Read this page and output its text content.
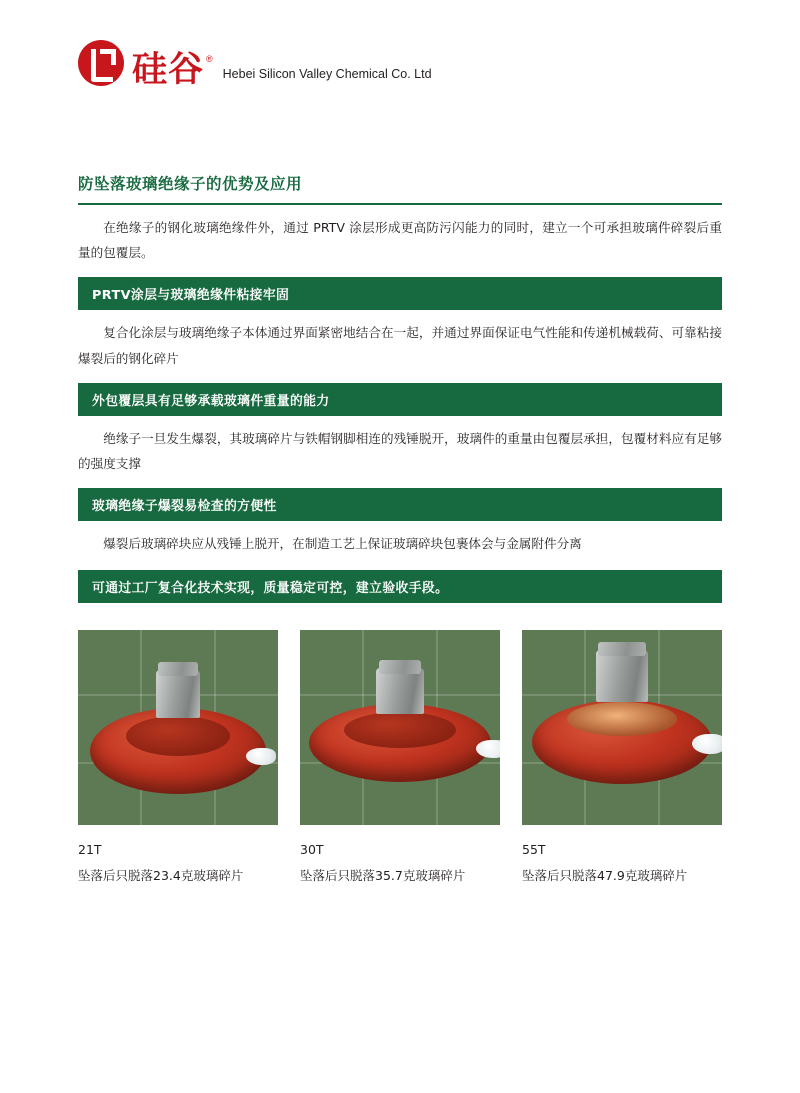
硅谷 ®
Hebei Silicon Valley Chemical Co. Ltd
防坠落玻璃绝缘子的优势及应用
在绝缘子的钢化玻璃绝缘件外，通过 PRTV 涂层形成更高防污闪能力的同时，建立一个可承担玻璃件碎裂后重量的包覆层。
PRTV涂层与玻璃绝缘件粘接牢固
复合化涂层与玻璃绝缘子本体通过界面紧密地结合在一起，并通过界面保证电气性能和传递机械载荷、可靠粘接爆裂后的钢化碎片
外包覆层具有足够承载玻璃件重量的能力
绝缘子一旦发生爆裂，其玻璃碎片与铁帽钢脚相连的残锤脱开，玻璃件的重量由包覆层承担，包覆材料应有足够的强度支撑
玻璃绝缘子爆裂易检查的方便性
爆裂后玻璃碎块应从残锤上脱开，在制造工艺上保证玻璃碎块包裹体会与金属附件分离
可通过工厂复合化技术实现，质量稳定可控，建立验收手段。
21T
坠落后只脱落23.4克玻璃碎片
30T
坠落后只脱落35.7克玻璃碎片
55T
坠落后只脱落47.9克玻璃碎片
